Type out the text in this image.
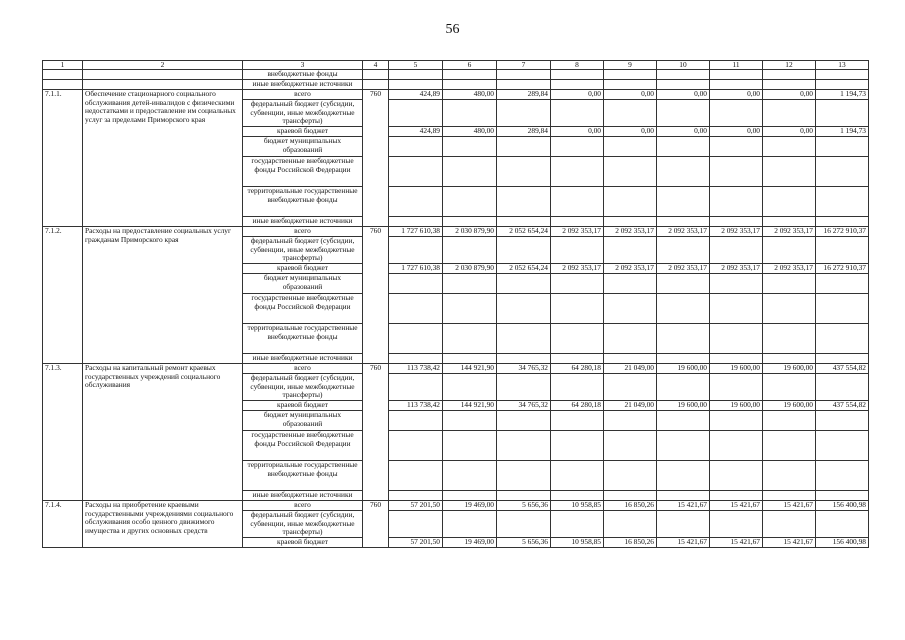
56
1	2	3	4	5	6	7	8	9	10	11	12	13
		внебюджетные фонды										
		иные внебюджетные источники										
7.1.1.	Обеспечение стационарного социального обслуживания детей-инвалидов с физическими недостатками и предоставление им социальных услуг за пределами Приморского края	всего	760	424,89	480,00	289,84	0,00	0,00	0,00	0,00	0,00	1 194,73
		федеральный бюджет (субсидии, субвенции, иные межбюджетные трансферты)										
		краевой бюджет		424,89	480,00	289,84	0,00	0,00	0,00	0,00	0,00	1 194,73
		бюджет муниципальных образований										
		государственные внебюджетные фонды Российской Федерации										
		территориальные государственные внебюджетные фонды										
		иные внебюджетные источники										
7.1.2.	Расходы на предоставление социальных услуг гражданам Приморского края	всего	760	1 727 610,38	2 030 879,90	2 052 654,24	2 092 353,17	2 092 353,17	2 092 353,17	2 092 353,17	2 092 353,17	16 272 910,37
		федеральный бюджет (субсидии, субвенции, иные межбюджетные трансферты)										
		краевой бюджет		1 727 610,38	2 030 879,90	2 052 654,24	2 092 353,17	2 092 353,17	2 092 353,17	2 092 353,17	2 092 353,17	16 272 910,37
		бюджет муниципальных образований										
		государственные внебюджетные фонды Российской Федерации										
		территориальные государственные внебюджетные фонды										
		иные внебюджетные источники										
7.1.3.	Расходы на капитальный ремонт краевых государственных учреждений социального обслуживания	всего	760	113 738,42	144 921,90	34 765,32	64 280,18	21 049,00	19 600,00	19 600,00	19 600,00	437 554,82
		федеральный бюджет (субсидии, субвенции, иные межбюджетные трансферты)										
		краевой бюджет		113 738,42	144 921,90	34 765,32	64 280,18	21 049,00	19 600,00	19 600,00	19 600,00	437 554,82
		бюджет муниципальных образований										
		государственные внебюджетные фонды Российской Федерации										
		территориальные государственные внебюджетные фонды										
		иные внебюджетные источники										
7.1.4.	Расходы на приобретение краевыми государственными учреждениями социального обслуживания особо ценного движимого имущества и других основных средств	всего	760	57 201,50	19 469,00	5 656,36	10 958,85	16 850,26	15 421,67	15 421,67	15 421,67	156 400,98
		федеральный бюджет (субсидии, субвенции, иные межбюджетные трансферты)										
		краевой бюджет		57 201,50	19 469,00	5 656,36	10 958,85	16 850,26	15 421,67	15 421,67	15 421,67	156 400,98
